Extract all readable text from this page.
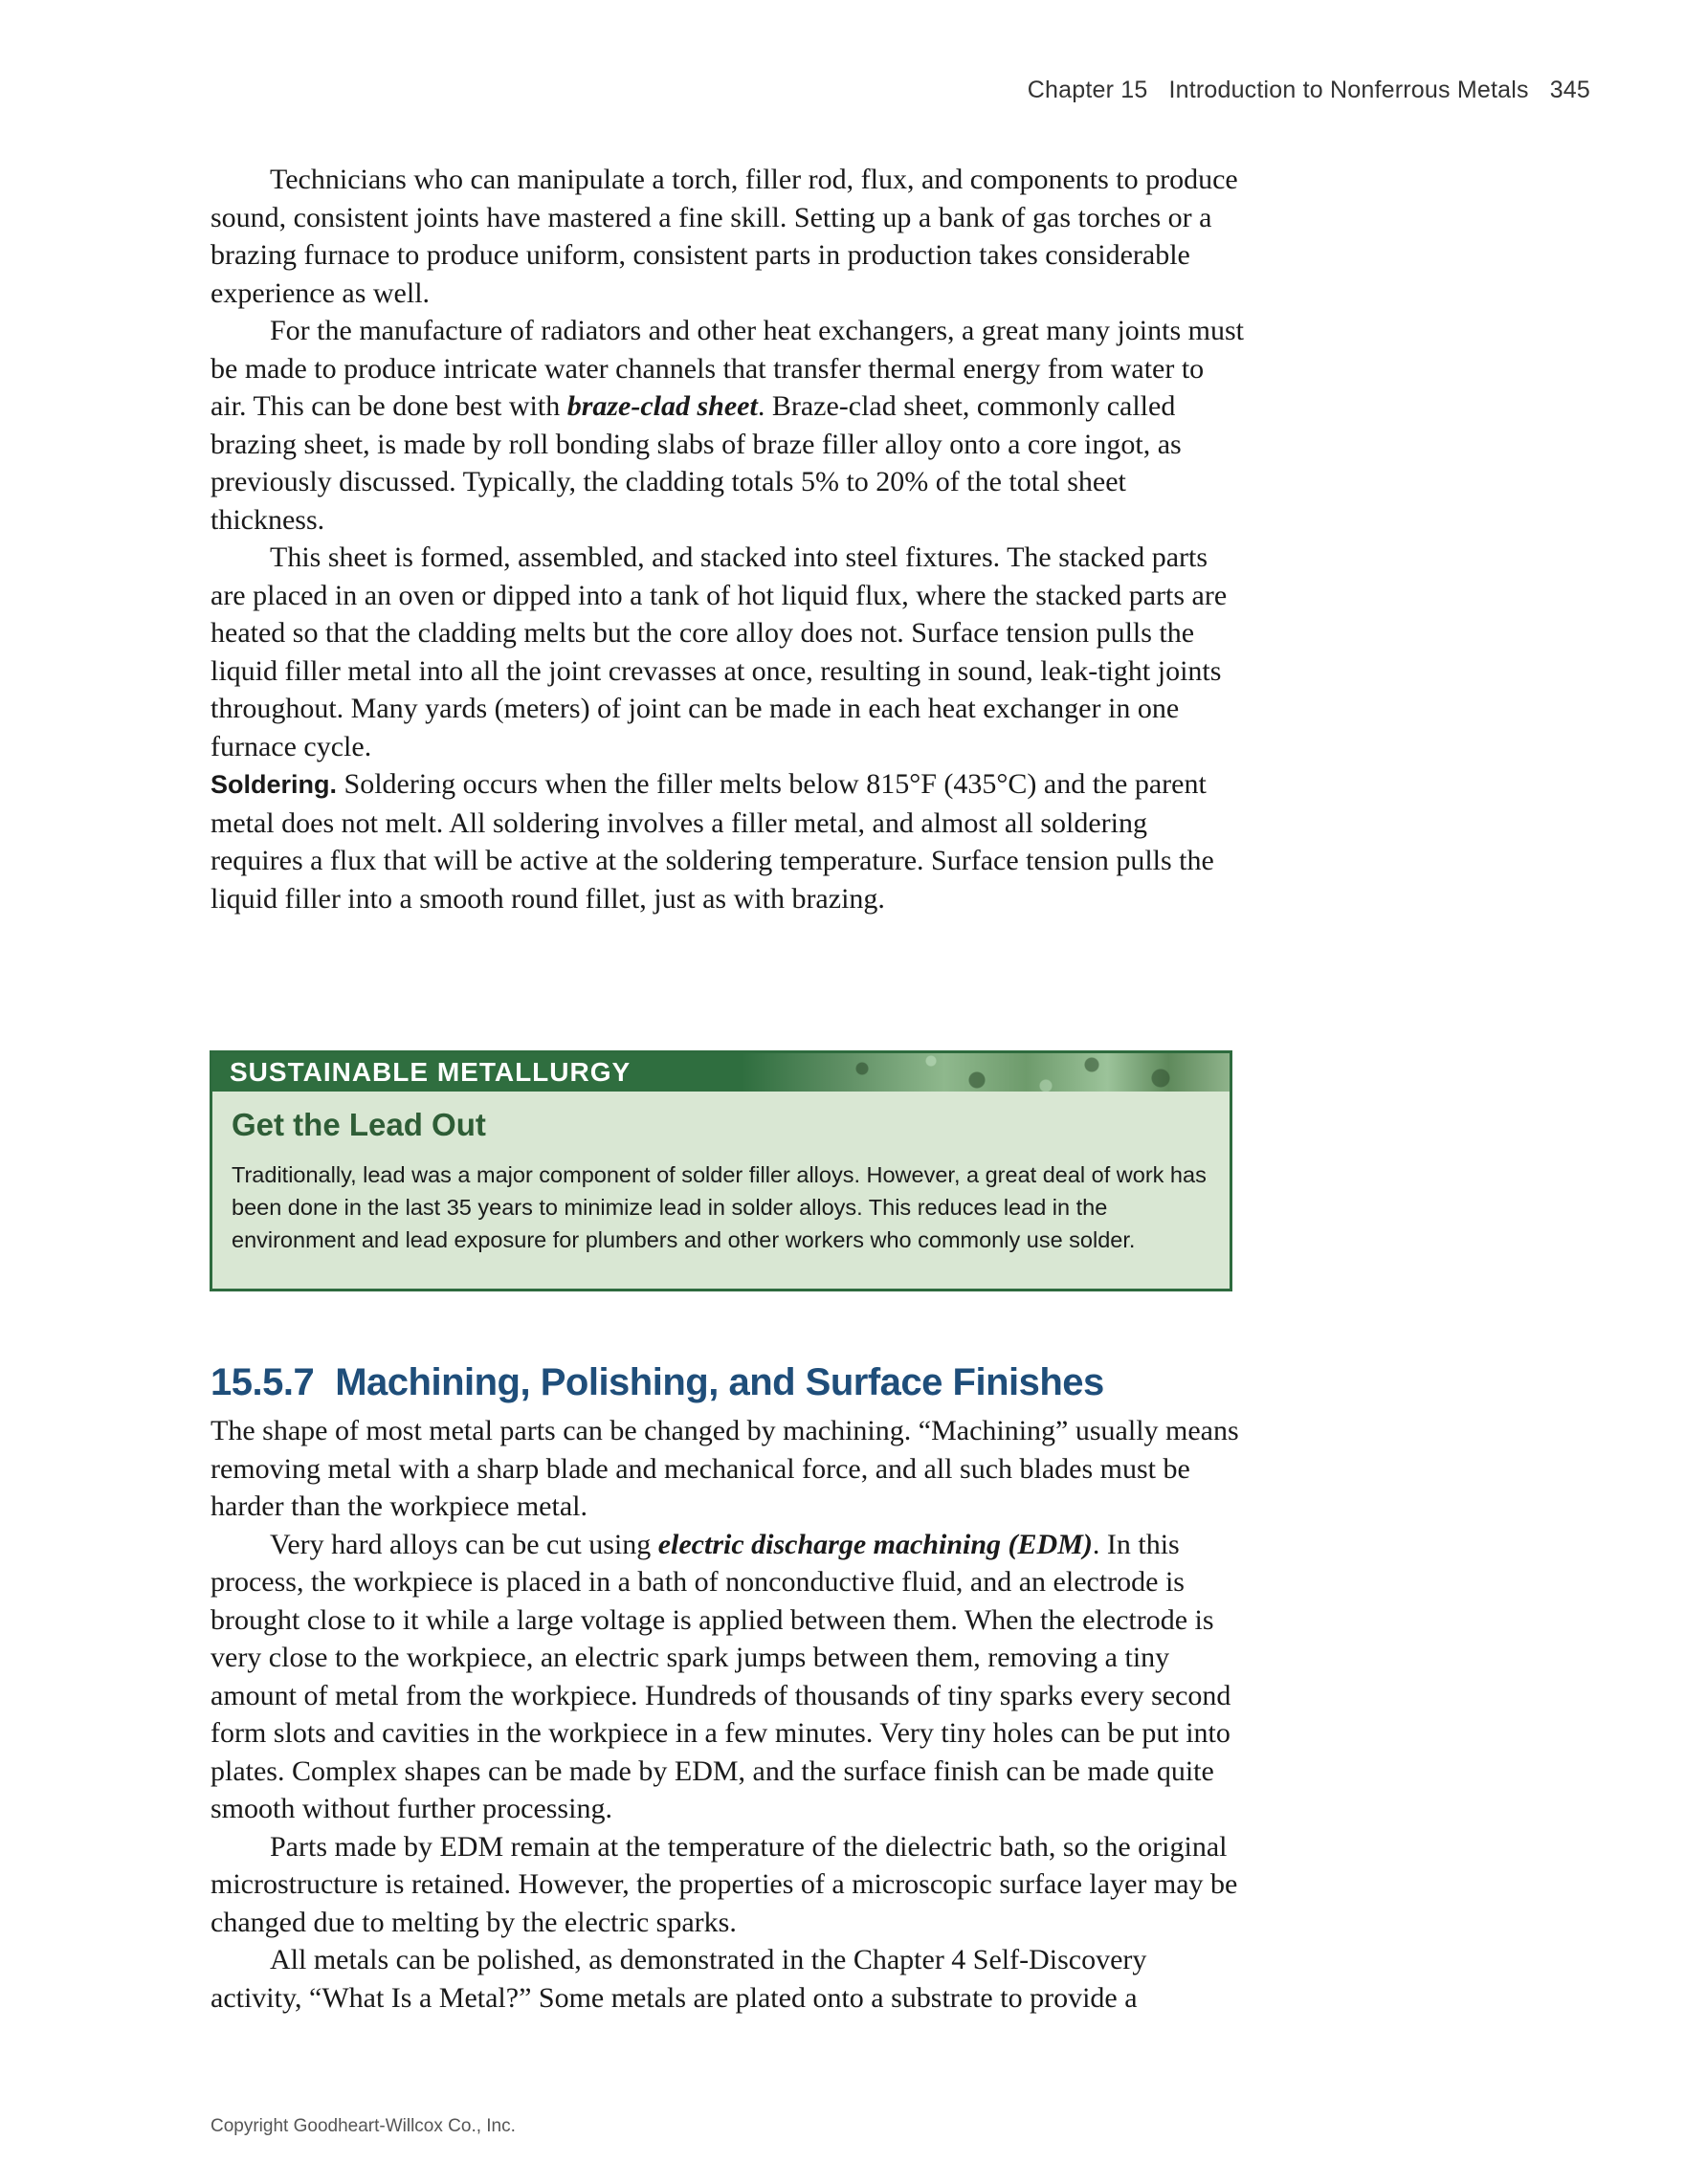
Chapter 15 Introduction to Nonferrous Metals 345

Technicians who can manipulate a torch, filler rod, flux, and components to produce sound, consistent joints have mastered a fine skill. Setting up a bank of gas torches or a brazing furnace to produce uniform, consistent parts in production takes considerable experience as well.

For the manufacture of radiators and other heat exchangers, a great many joints must be made to produce intricate water channels that transfer thermal energy from water to air. This can be done best with braze-clad sheet. Braze-clad sheet, commonly called brazing sheet, is made by roll bonding slabs of braze filler alloy onto a core ingot, as previously discussed. Typically, the cladding totals 5% to 20% of the total sheet thickness.

This sheet is formed, assembled, and stacked into steel fixtures. The stacked parts are placed in an oven or dipped into a tank of hot liquid flux, where the stacked parts are heated so that the cladding melts but the core alloy does not. Surface tension pulls the liquid filler metal into all the joint crevasses at once, resulting in sound, leak-tight joints throughout. Many yards (meters) of joint can be made in each heat exchanger in one furnace cycle.

Soldering. Soldering occurs when the filler melts below 815°F (435°C) and the parent metal does not melt. All soldering involves a filler metal, and almost all soldering requires a flux that will be active at the soldering temperature. Surface tension pulls the liquid filler into a smooth round fillet, just as with brazing.

SUSTAINABLE METALLURGY
Get the Lead Out

Traditionally, lead was a major component of solder filler alloys. However, a great deal of work has been done in the last 35 years to minimize lead in solder alloys. This reduces lead in the environment and lead exposure for plumbers and other workers who commonly use solder.

15.5.7 Machining, Polishing, and Surface Finishes

The shape of most metal parts can be changed by machining. “Machining” usually means removing metal with a sharp blade and mechanical force, and all such blades must be harder than the workpiece metal.

Very hard alloys can be cut using electric discharge machining (EDM). In this process, the workpiece is placed in a bath of nonconductive fluid, and an electrode is brought close to it while a large voltage is applied between them. When the electrode is very close to the workpiece, an electric spark jumps between them, removing a tiny amount of metal from the workpiece. Hundreds of thousands of tiny sparks every second form slots and cavities in the workpiece in a few minutes. Very tiny holes can be put into plates. Complex shapes can be made by EDM, and the surface finish can be made quite smooth without further processing.

Parts made by EDM remain at the temperature of the dielectric bath, so the original microstructure is retained. However, the properties of a microscopic surface layer may be changed due to melting by the electric sparks.

All metals can be polished, as demonstrated in the Chapter 4 Self-Discovery activity, “What Is a Metal?” Some metals are plated onto a substrate to provide a

Copyright Goodheart-Willcox Co., Inc.
